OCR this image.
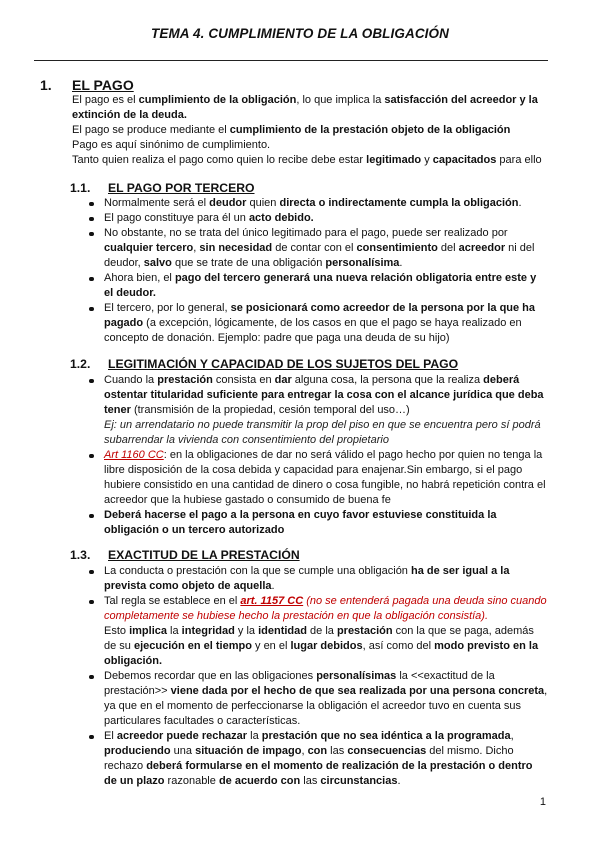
TEMA 4. CUMPLIMIENTO DE LA OBLIGACIÓN
1. EL PAGO
El pago es el cumplimiento de la obligación, lo que implica la satisfacción del acreedor y la extinción de la deuda.
El pago se produce mediante el cumplimiento de la prestación objeto de la obligación
Pago es aquí sinónimo de cumplimiento.
Tanto quien realiza el pago como quien lo recibe debe estar legitimado y capacitados para ello
1.1. EL PAGO POR TERCERO
Normalmente será el deudor quien directa o indirectamente cumpla la obligación.
El pago constituye para él un acto debido.
No obstante, no se trata del único legitimado para el pago, puede ser realizado por cualquier tercero, sin necesidad de contar con el consentimiento del acreedor ni del deudor, salvo que se trate de una obligación personalísima.
Ahora bien, el pago del tercero generará una nueva relación obligatoria entre este y el deudor.
El tercero, por lo general, se posicionará como acreedor de la persona por la que ha pagado (a excepción, lógicamente, de los casos en que el pago se haya realizado en concepto de donación. Ejemplo: padre que paga una deuda de su hijo)
1.2. LEGITIMACIÓN Y CAPACIDAD DE LOS SUJETOS DEL PAGO
Cuando la prestación consista en dar alguna cosa, la persona que la realiza deberá ostentar titularidad suficiente para entregar la cosa con el alcance jurídica que deba tener (transmisión de la propiedad, cesión temporal del uso…)
Ej: un arrendatario no puede transmitir la prop del piso en que se encuentra pero sí podrá subarrendar la vivienda con consentimiento del propietario
Art 1160 CC: en la obligaciones de dar no será válido el pago hecho por quien no tenga la libre disposición de la cosa debida y capacidad para enajenar.Sin embargo, si el pago hubiere consistido en una cantidad de dinero o cosa fungible, no habrá repetición contra el acreedor que la hubiese gastado o consumido de buena fe
Deberá hacerse el pago a la persona en cuyo favor estuviese constituida la obligación o un tercero autorizado
1.3. EXACTITUD DE LA PRESTACIÓN
La conducta o prestación con la que se cumple una obligación ha de ser igual a la prevista como objeto de aquella.
Tal regla se establece en el art. 1157 CC (no se entenderá pagada una deuda sino cuando completamente se hubiese hecho la prestación en que la obligación consistía).
Esto implica la integridad y la identidad de la prestación con la que se paga, además de su ejecución en el tiempo y en el lugar debidos, así como del modo previsto en la obligación.
Debemos recordar que en las obligaciones personalísimas la <<exactitud de la prestación>> viene dada por el hecho de que sea realizada por una persona concreta, ya que en el momento de perfeccionarse la obligación el acreedor tuvo en cuenta sus particulares facultades o características.
El acreedor puede rechazar la prestación que no sea idéntica a la programada, produciendo una situación de impago, con las consecuencias del mismo. Dicho rechazo deberá formularse en el momento de realización de la prestación o dentro de un plazo razonable de acuerdo con las circunstancias.
1
